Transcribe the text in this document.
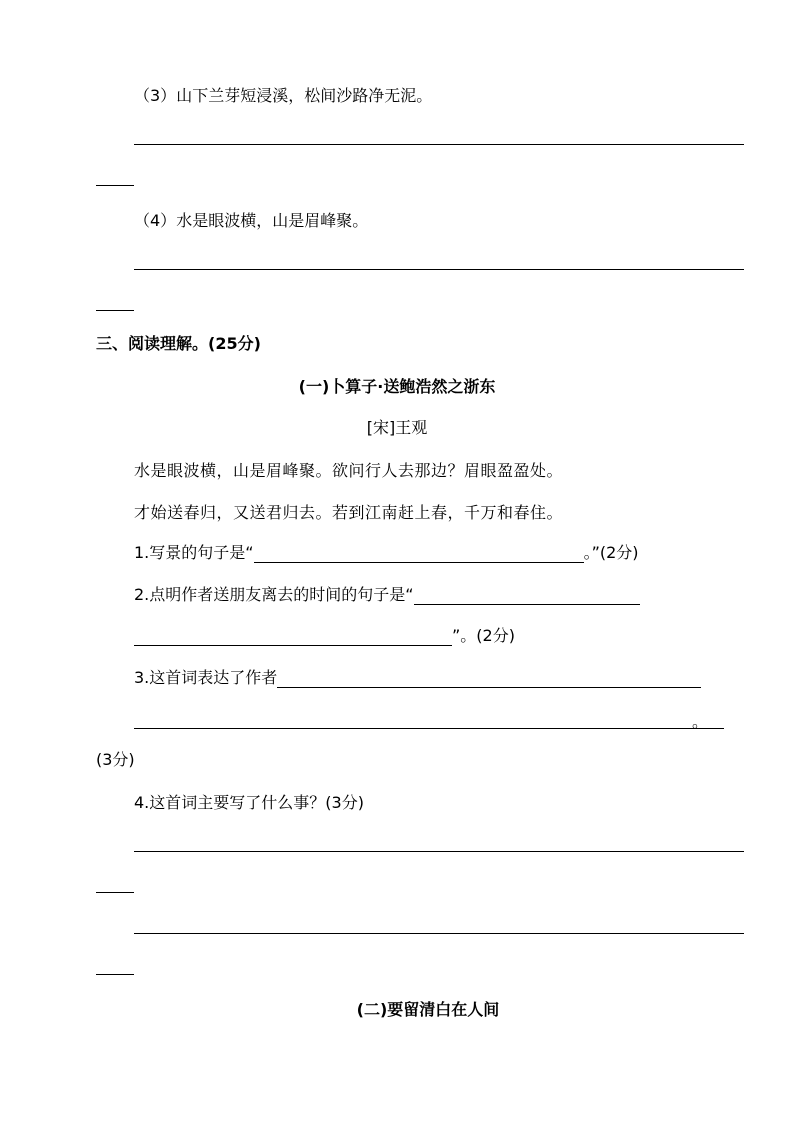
（3）山下兰芽短浸溪，松间沙路净无泥。
（4）水是眼波横，山是眉峰聚。
三、阅读理解。(25分)
(一)卜算子·送鲍浩然之浙东
[宋]王观
水是眼波横，山是眉峰聚。欲问行人去那边？眉眼盈盈处。
才始送春归，又送君归去。若到江南赶上春，千万和春住。
1.写景的句子是“	。”(2分)
2.点明作者送朋友离去的时间的句子是“
”。(2分)
3.这首词表达了作者
。
(3分)
4.这首词主要写了什么事？(3分)
(二)要留清白在人间
